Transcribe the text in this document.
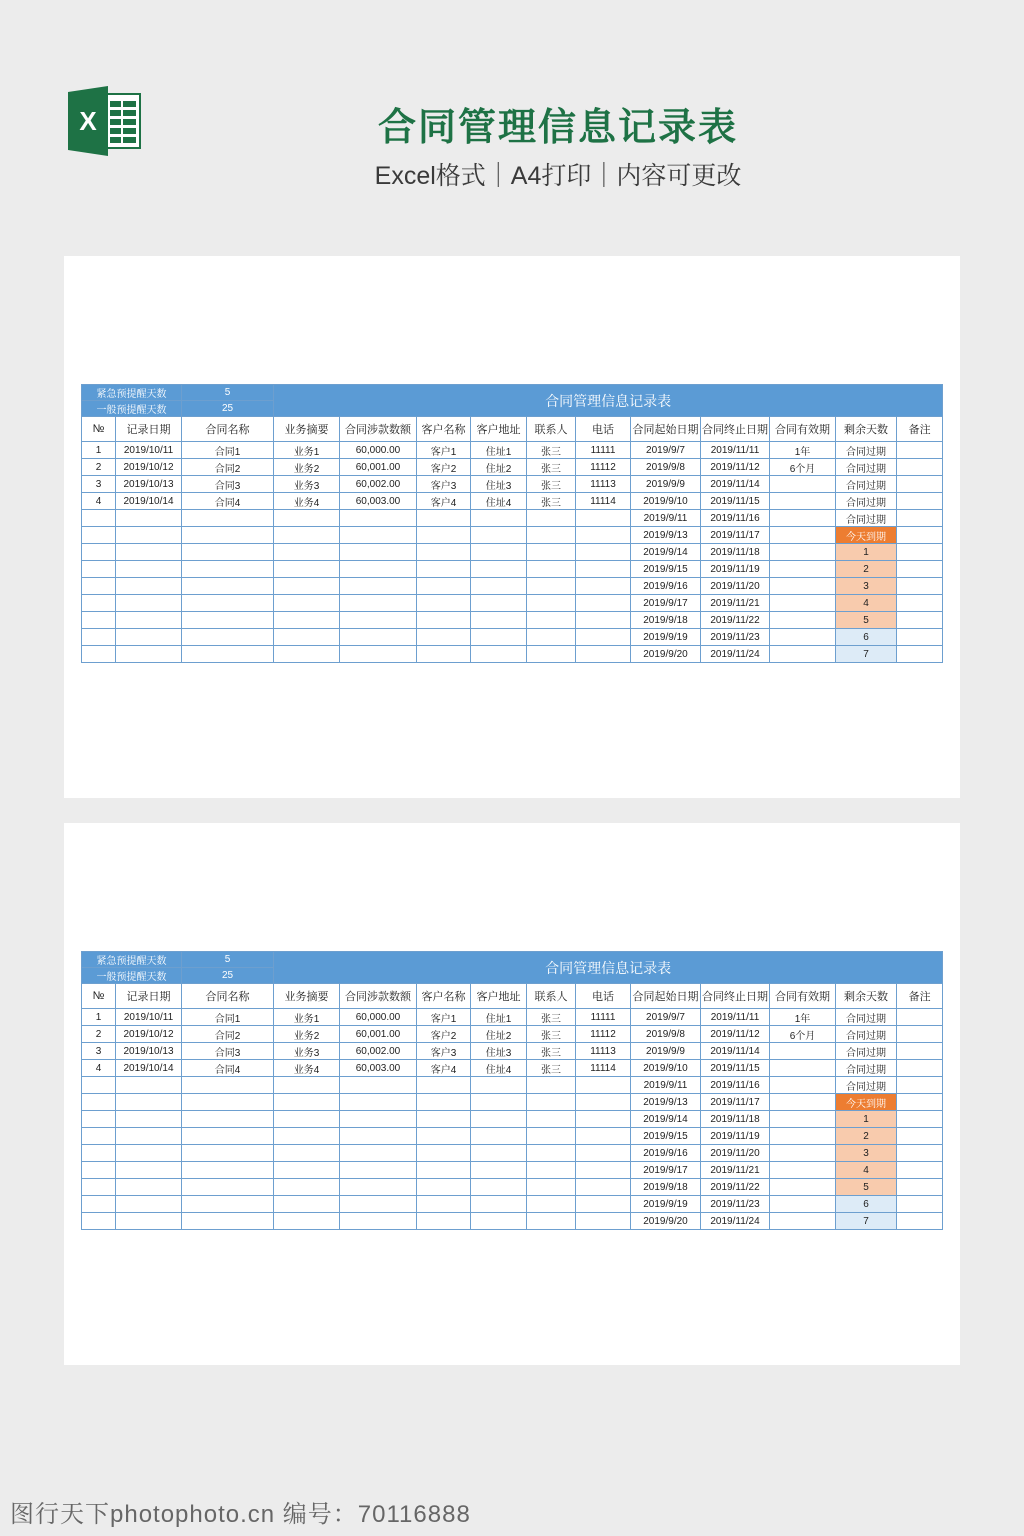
X	合同管理信息记录表
Excel格式｜A4打印｜内容可更改
紧急预提醒天数		5	合同管理信息记录表										
一般预提醒天数		25											
№	记录日期	合同名称	业务摘要	合同涉款数额	客户名称	客户地址	联系人	电话	合同起始日期	合同终止日期	合同有效期	剩余天数	备注
1	2019/10/11	合同1	业务1	60,000.00	客户1	住址1	张三	11111	2019/9/7	2019/11/11	1年	合同过期	
2	2019/10/12	合同2	业务2	60,001.00	客户2	住址2	张三	11112	2019/9/8	2019/11/12	6个月	合同过期	
3	2019/10/13	合同3	业务3	60,002.00	客户3	住址3	张三	11113	2019/9/9	2019/11/14		合同过期	
4	2019/10/14	合同4	业务4	60,003.00	客户4	住址4	张三	11114	2019/9/10	2019/11/15		合同过期	
									2019/9/11	2019/11/16		合同过期	
									2019/9/13	2019/11/17		今天到期	
									2019/9/14	2019/11/18		1	
									2019/9/15	2019/11/19		2	
									2019/9/16	2019/11/20		3	
									2019/9/17	2019/11/21		4	
									2019/9/18	2019/11/22		5	
									2019/9/19	2019/11/23		6	
									2019/9/20	2019/11/24		7	
紧急预提醒天数		5	合同管理信息记录表										
一般预提醒天数		25											
№	记录日期	合同名称	业务摘要	合同涉款数额	客户名称	客户地址	联系人	电话	合同起始日期	合同终止日期	合同有效期	剩余天数	备注
1	2019/10/11	合同1	业务1	60,000.00	客户1	住址1	张三	11111	2019/9/7	2019/11/11	1年	合同过期	
2	2019/10/12	合同2	业务2	60,001.00	客户2	住址2	张三	11112	2019/9/8	2019/11/12	6个月	合同过期	
3	2019/10/13	合同3	业务3	60,002.00	客户3	住址3	张三	11113	2019/9/9	2019/11/14		合同过期	
4	2019/10/14	合同4	业务4	60,003.00	客户4	住址4	张三	11114	2019/9/10	2019/11/15		合同过期	
									2019/9/11	2019/11/16		合同过期	
									2019/9/13	2019/11/17		今天到期	
									2019/9/14	2019/11/18		1	
									2019/9/15	2019/11/19		2	
									2019/9/16	2019/11/20		3	
									2019/9/17	2019/11/21		4	
									2019/9/18	2019/11/22		5	
									2019/9/19	2019/11/23		6	
									2019/9/20	2019/11/24		7	
图行天下photophoto.cn 编号：70116888
